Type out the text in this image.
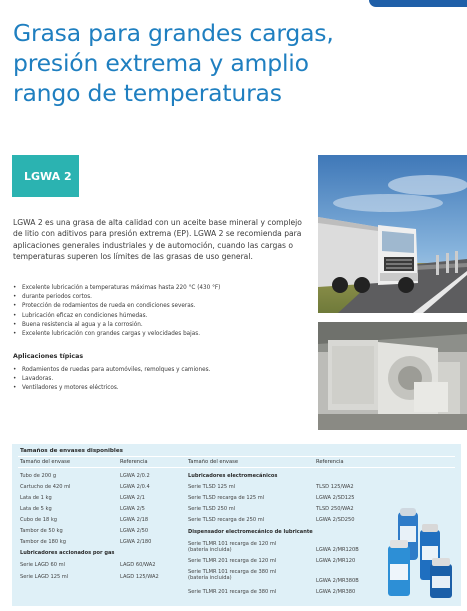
Grasa para grandes cargas, presión extrema y amplio rango de temperaturas
LGWA 2

LGWA 2 es una grasa de alta calidad con un aceite base mineral y complejo de litio con aditivos para presión extrema (EP). LGWA 2 se recomienda para aplicaciones generales industriales y de automoción, cuando las cargas o temperaturas superen los límites de las grasas de uso general.

• Excelente lubricación a temperaturas máximas hasta 220 °C (430 °F)
• durante periodos cortos.
• Protección de rodamientos de rueda en condiciones severas.
• Lubricación eficaz en condiciones húmedas.
• Buena resistencia al agua y a la corrosión.
• Excelente lubricación con grandes cargas y velocidades bajas.
Aplicaciones típicas
• Rodamientos de ruedas para automóviles, remolques y camiones.
• Lavadoras.
• Ventiladores y motores eléctricos.
Tamaños de envases disponibles
Tamaño del envase	Referencia	Tamaño del envase	Referencia
Tubo de 200 g	LGWA 2/0.2
Cartucho de 420 ml	LGWA 2/0.4
Lata de 1 kg	LGWA 2/1
Lata de 5 kg	LGWA 2/5
Cubo de 18 kg	LGWA 2/18
Tambor de 50 kg	LGWA 2/50
Tambor de 180 kg	LGWA 2/180
Lubricadores accionados por gas
Serie LAGD 60 ml	LAGD 60/WA2
Serie LAGD 125 ml	LAGD 125/WA2
Lubricadores electromecánicos
Serie TLSD 125 ml	TLSD 125/WA2
Serie TLSD recarga de 125 ml	LGWA 2/SD125
Serie TLSD 250 ml	TLSD 250/WA2
Serie TLSD recarga de 250 ml	LGWA 2/SD250
Dispensador electromecánico de lubricante
Serie TLMR 101 recarga de 120 ml
(batería incluida)	LGWA 2/MR120B
Serie TLMR 201 recarga de 120 ml	LGWA 2/MR120
Serie TLMR 101 recarga de 380 ml
(batería incluida)	LGWA 2/MR380B
Serie TLMR 201 recarga de 380 ml	LGWA 2/MR380
